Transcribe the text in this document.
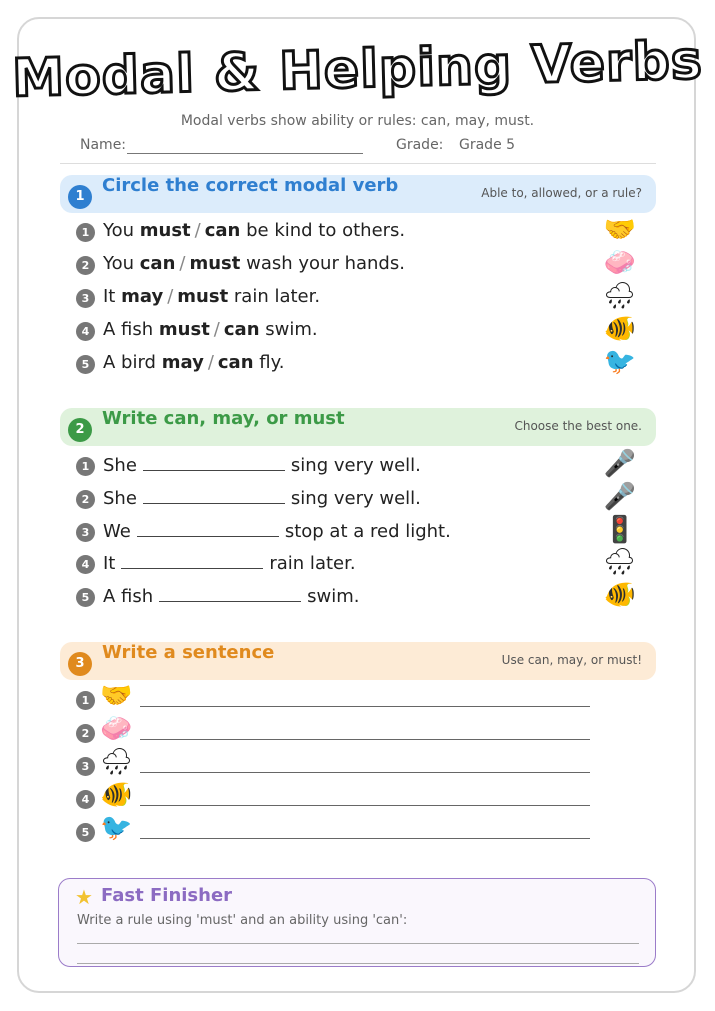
Modal & Helping Verbs
Modal verbs show ability or rules: can, may, must.
Name:	Grade: Grade 5
1
Circle the correct modal verb	Able to, allowed, or a rule?
1 You must / can be kind to others.	🤝
2 You can / must wash your hands.	🧼
3 It may / must rain later.	🌧
4 A fish must / can swim.	🐠
5 A bird may / can fly.	🐦
2
Write can, may, or must	Choose the best one.
1 She	sing very well.	🎤
2 She	sing very well.	🎤
3 We	stop at a red light.	🚦
4 It	rain later.	🌧
5 A fish	swim.	🐠
3
Write a sentence	Use can, may, or must!
1 🤝
2 🧼
3 🌧
4 🐠
5 🐦
★ Fast Finisher
Write a rule using 'must' and an ability using 'can':
